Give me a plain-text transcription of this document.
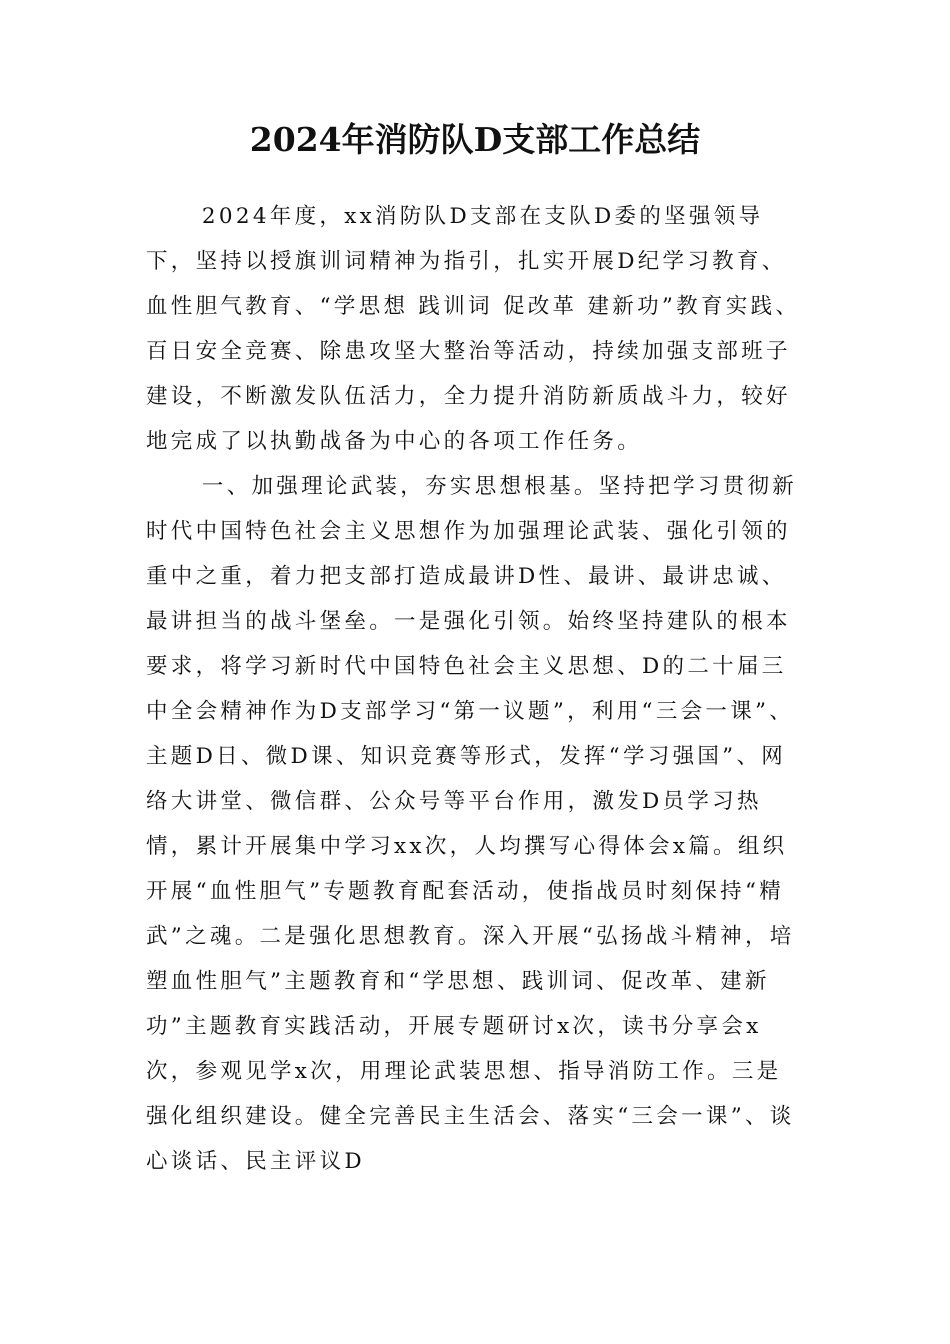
2024年消防队D支部工作总结

2024年度，xx消防队D支部在支队D委的坚强领导下，坚持以授旗训词精神为指引，扎实开展D纪学习教育、血性胆气教育、“学思想 践训词 促改革 建新功”教育实践、百日安全竞赛、除患攻坚大整治等活动，持续加强支部班子建设，不断激发队伍活力，全力提升消防新质战斗力，较好地完成了以执勤战备为中心的各项工作任务。

一、加强理论武装，夯实思想根基。坚持把学习贯彻新时代中国特色社会主义思想作为加强理论武装、强化引领的重中之重，着力把支部打造成最讲D性、最讲、最讲忠诚、最讲担当的战斗堡垒。一是强化引领。始终坚持建队的根本要求，将学习新时代中国特色社会主义思想、D的二十届三中全会精神作为D支部学习“第一议题”，利用“三会一课”、主题D日、微D课、知识竞赛等形式，发挥“学习强国”、网络大讲堂、微信群、公众号等平台作用，激发D员学习热情，累计开展集中学习xx次，人均撰写心得体会x篇。组织开展“血性胆气”专题教育配套活动，使指战员时刻保持“精武”之魂。二是强化思想教育。深入开展“弘扬战斗精神，培塑血性胆气”主题教育和“学思想、践训词、促改革、建新功”主题教育实践活动，开展专题研讨x次，读书分享会x次，参观见学x次，用理论武装思想、指导消防工作。三是强化组织建设。健全完善民主生活会、落实“三会一课”、谈心谈话、民主评议D
